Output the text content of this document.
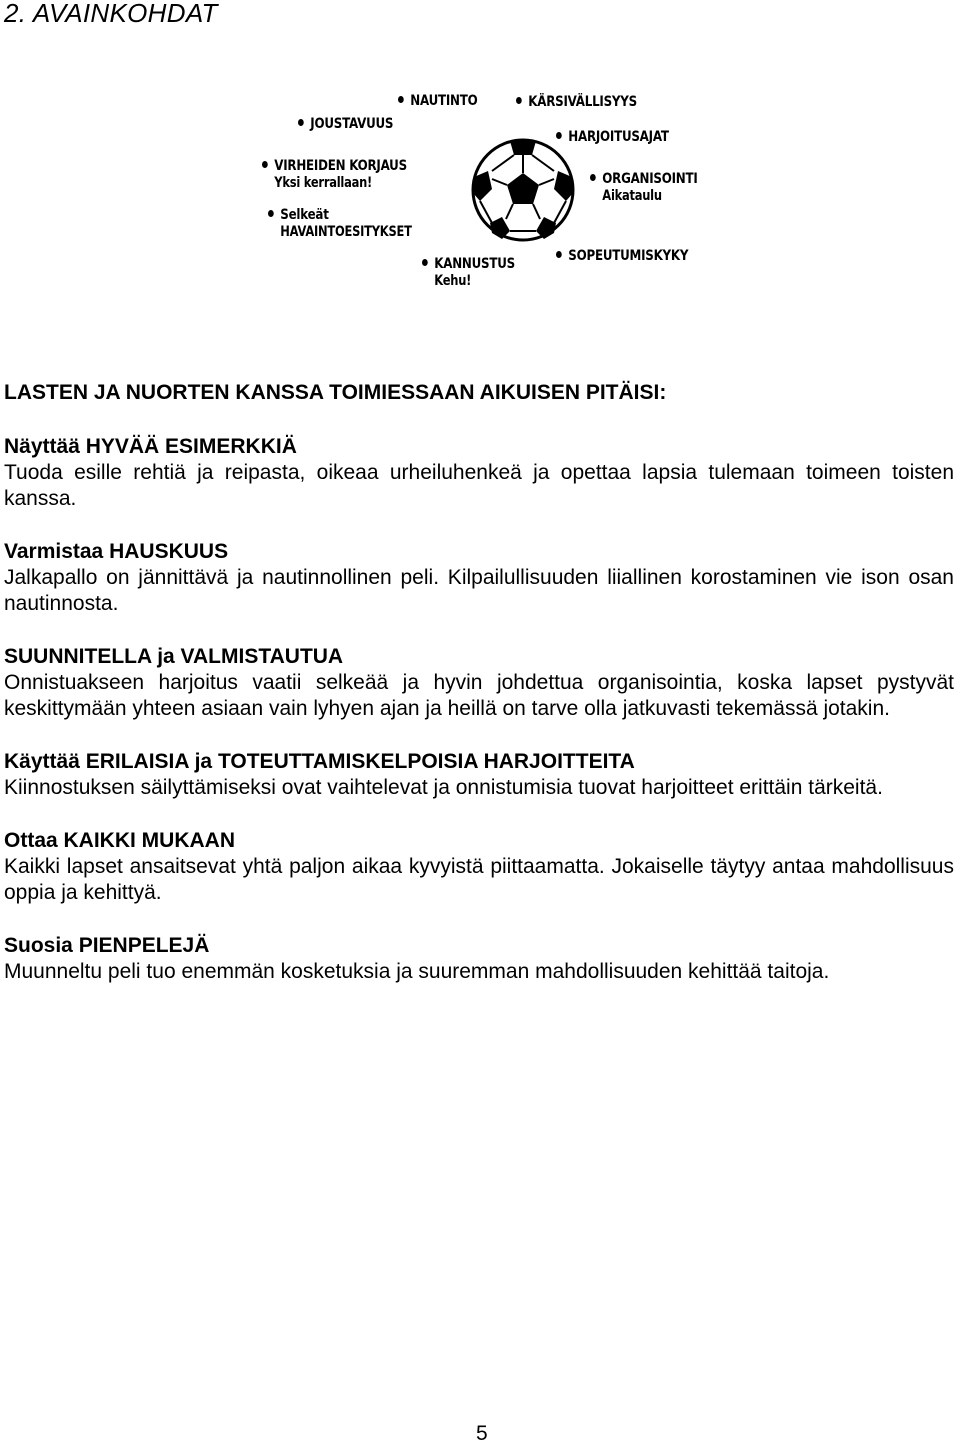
2. AVAINKOHDAT
NAUTINTO	KÄRSIVÄLLISYYS
JOUSTAVUUS
HARJOITUSAJAT
VIRHEIDEN KORJAUS
Yksi kerrallaan!	ORGANISOINTI
Aikataulu
Selkeät
HAVAINTOESITYKSET
SOPEUTUMISKYKY
KANNUSTUS
Kehu!
LASTEN JA NUORTEN KANSSA TOIMIESSAAN AIKUISEN PITÄISI:

Näyttää HYVÄÄ ESIMERKKIÄ

Tuoda esille rehtiä ja reipasta, oikeaa urheiluhenkeä ja opettaa lapsia tulemaan toimeen toisten kanssa.

Varmistaa HAUSKUUS

Jalkapallo on jännittävä ja nautinnollinen peli. Kilpailullisuuden liiallinen korostaminen vie ison osan nautinnosta.

SUUNNITELLA ja VALMISTAUTUA

Onnistuakseen harjoitus vaatii selkeää ja hyvin johdettua organisointia, koska lapset pystyvät keskittymään yhteen asiaan vain lyhyen ajan ja heillä on tarve olla jatkuvasti tekemässä jotakin.

Käyttää ERILAISIA ja TOTEUTTAMISKELPOISIA HARJOITTEITA

Kiinnostuksen säilyttämiseksi ovat vaihtelevat ja onnistumisia tuovat harjoitteet erittäin tärkeitä.

Ottaa KAIKKI MUKAAN

Kaikki lapset ansaitsevat yhtä paljon aikaa kyvyistä piittaamatta. Jokaiselle täytyy antaa mahdollisuus oppia ja kehittyä.

Suosia PIENPELEJÄ

Muunneltu peli tuo enemmän kosketuksia ja suuremman mahdollisuuden kehittää taitoja.

5
